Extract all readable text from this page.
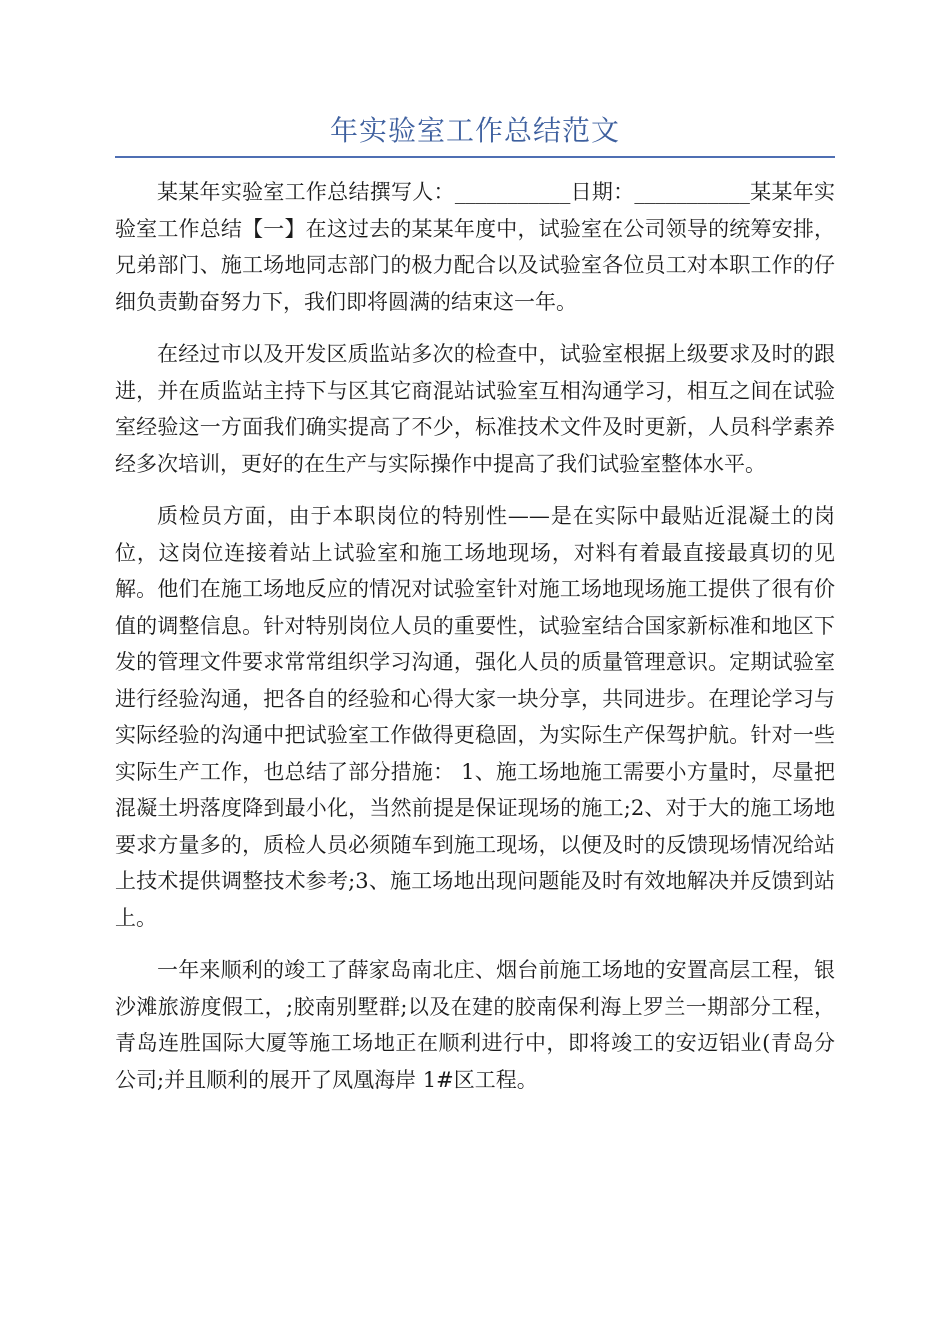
年实验室工作总结范文

某某年实验室工作总结撰写人：___________日期：___________某某年实验室工作总结【一】在这过去的某某年度中，试验室在公司领导的统筹安排，兄弟部门、施工场地同志部门的极力配合以及试验室各位员工对本职工作的仔细负责勤奋努力下，我们即将圆满的结束这一年。

在经过市以及开发区质监站多次的检查中，试验室根据上级要求及时的跟进，并在质监站主持下与区其它商混站试验室互相沟通学习，相互之间在试验室经验这一方面我们确实提高了不少，标准技术文件及时更新，人员科学素养经多次培训，更好的在生产与实际操作中提高了我们试验室整体水平。

质检员方面，由于本职岗位的特别性——是在实际中最贴近混凝土的岗位，这岗位连接着站上试验室和施工场地现场，对料有着最直接最真切的见解。他们在施工场地反应的情况对试验室针对施工场地现场施工提供了很有价值的调整信息。针对特别岗位人员的重要性，试验室结合国家新标准和地区下发的管理文件要求常常组织学习沟通，强化人员的质量管理意识。定期试验室进行经验沟通，把各自的经验和心得大家一块分享，共同进步。在理论学习与实际经验的沟通中把试验室工作做得更稳固，为实际生产保驾护航。针对一些实际生产工作，也总结了部分措施： 1、施工场地施工需要小方量时，尽量把混凝土坍落度降到最小化，当然前提是保证现场的施工;2、对于大的施工场地要求方量多的，质检人员必须随车到施工现场，以便及时的反馈现场情况给站上技术提供调整技术参考;3、施工场地出现问题能及时有效地解决并反馈到站上。

一年来顺利的竣工了薛家岛南北庄、烟台前施工场地的安置高层工程，银沙滩旅游度假工，;胶南别墅群;以及在建的胶南保利海上罗兰一期部分工程，青岛连胜国际大厦等施工场地正在顺利进行中，即将竣工的安迈铝业(青岛分公司;并且顺利的展开了凤凰海岸 1#区工程。
